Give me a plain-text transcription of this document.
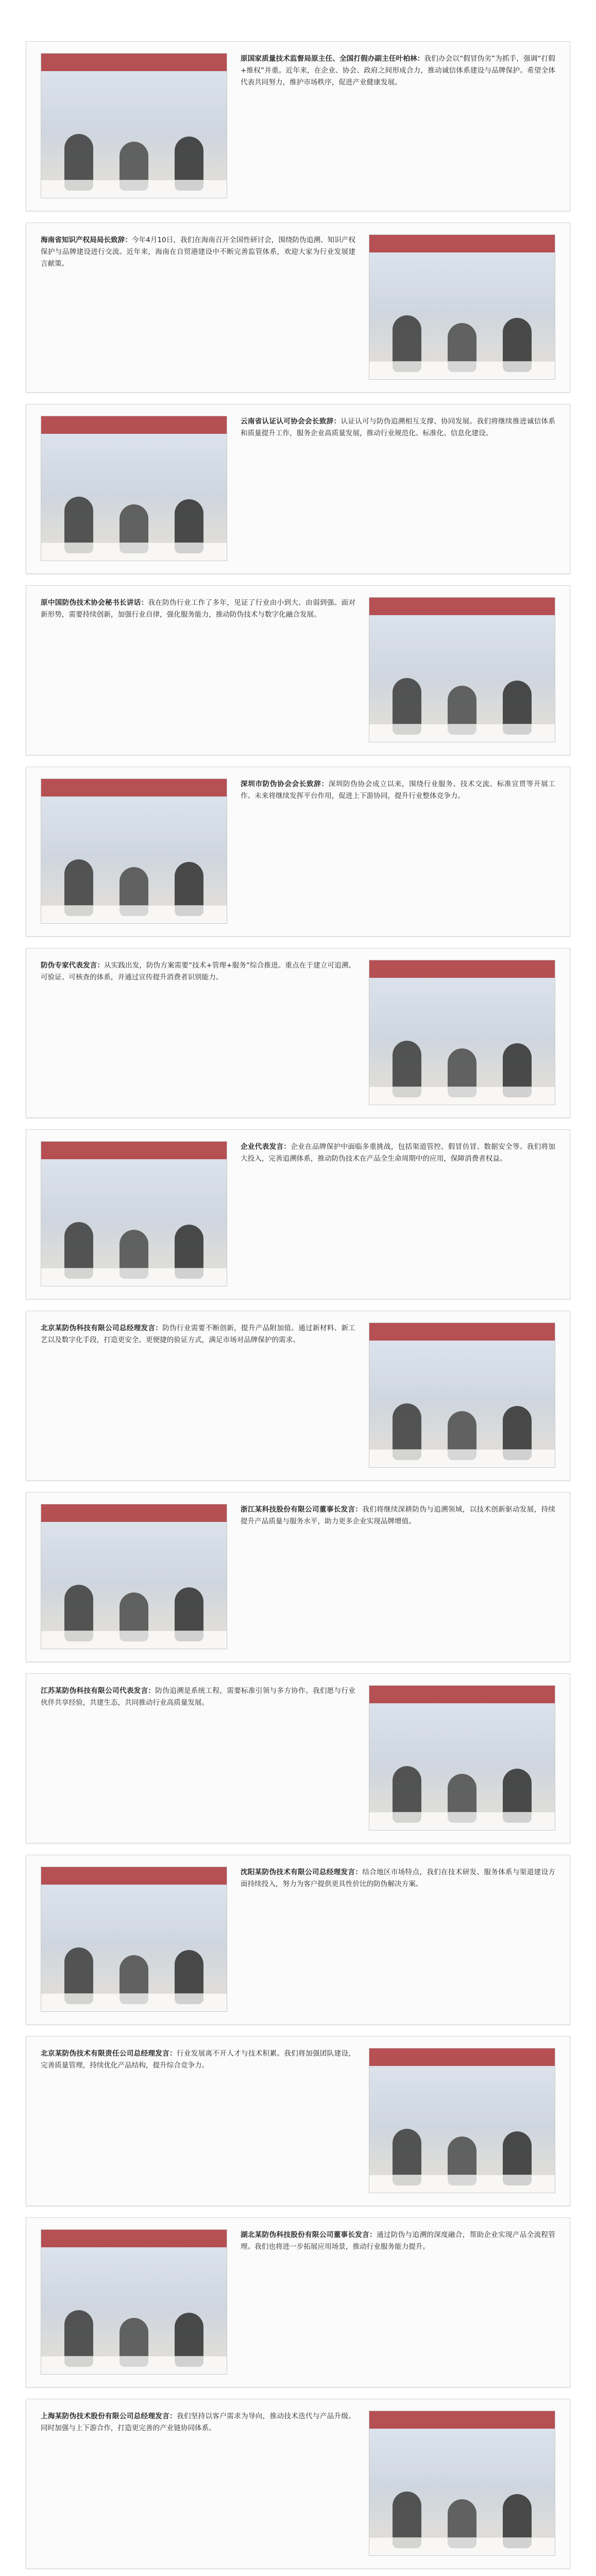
原国家质量技术监督局原主任、全国打假办副主任叶柏林：我们办会以“假冒伪劣”为抓手，强调“打假+维权”并重。近年来，在企业、协会、政府之间形成合力，推动诚信体系建设与品牌保护。希望全体代表共同努力，维护市场秩序，促进产业健康发展。
海南省知识产权局局长致辞：今年4月10日，我们在海南召开全国性研讨会，围绕防伪追溯、知识产权保护与品牌建设进行交流。近年来，海南在自贸港建设中不断完善监管体系，欢迎大家为行业发展建言献策。
云南省认证认可协会会长致辞：认证认可与防伪追溯相互支撑、协同发展。我们将继续推进诚信体系和质量提升工作，服务企业高质量发展，推动行业规范化、标准化、信息化建设。
原中国防伪技术协会秘书长讲话：我在防伪行业工作了多年，见证了行业由小到大、由弱到强。面对新形势，需要持续创新，加强行业自律，强化服务能力，推动防伪技术与数字化融合发展。
深圳市防伪协会会长致辞：深圳防伪协会成立以来，围绕行业服务、技术交流、标准宣贯等开展工作。未来将继续发挥平台作用，促进上下游协同，提升行业整体竞争力。
防伪专家代表发言：从实践出发，防伪方案需要“技术+管理+服务”综合推进。重点在于建立可追溯、可验证、可核查的体系，并通过宣传提升消费者识别能力。
企业代表发言：企业在品牌保护中面临多重挑战，包括渠道管控、假冒仿冒、数据安全等。我们将加大投入，完善追溯体系，推动防伪技术在产品全生命周期中的应用，保障消费者权益。
北京某防伪科技有限公司总经理发言：防伪行业需要不断创新，提升产品附加值。通过新材料、新工艺以及数字化手段，打造更安全、更便捷的验证方式，满足市场对品牌保护的需求。
浙江某科技股份有限公司董事长发言：我们将继续深耕防伪与追溯领域，以技术创新驱动发展，持续提升产品质量与服务水平，助力更多企业实现品牌增值。
江苏某防伪科技有限公司代表发言：防伪追溯是系统工程，需要标准引领与多方协作。我们愿与行业伙伴共享经验，共建生态，共同推动行业高质量发展。
沈阳某防伪技术有限公司总经理发言：结合地区市场特点，我们在技术研发、服务体系与渠道建设方面持续投入，努力为客户提供更具性价比的防伪解决方案。
北京某防伪技术有限责任公司总经理发言：行业发展离不开人才与技术积累。我们将加强团队建设，完善质量管理，持续优化产品结构，提升综合竞争力。
湖北某防伪科技股份有限公司董事长发言：通过防伪与追溯的深度融合，帮助企业实现产品全流程管理。我们也将进一步拓展应用场景，推动行业服务能力提升。
上海某防伪技术股份有限公司总经理发言：我们坚持以客户需求为导向，推动技术迭代与产品升级。同时加强与上下游合作，打造更完善的产业链协同体系。
